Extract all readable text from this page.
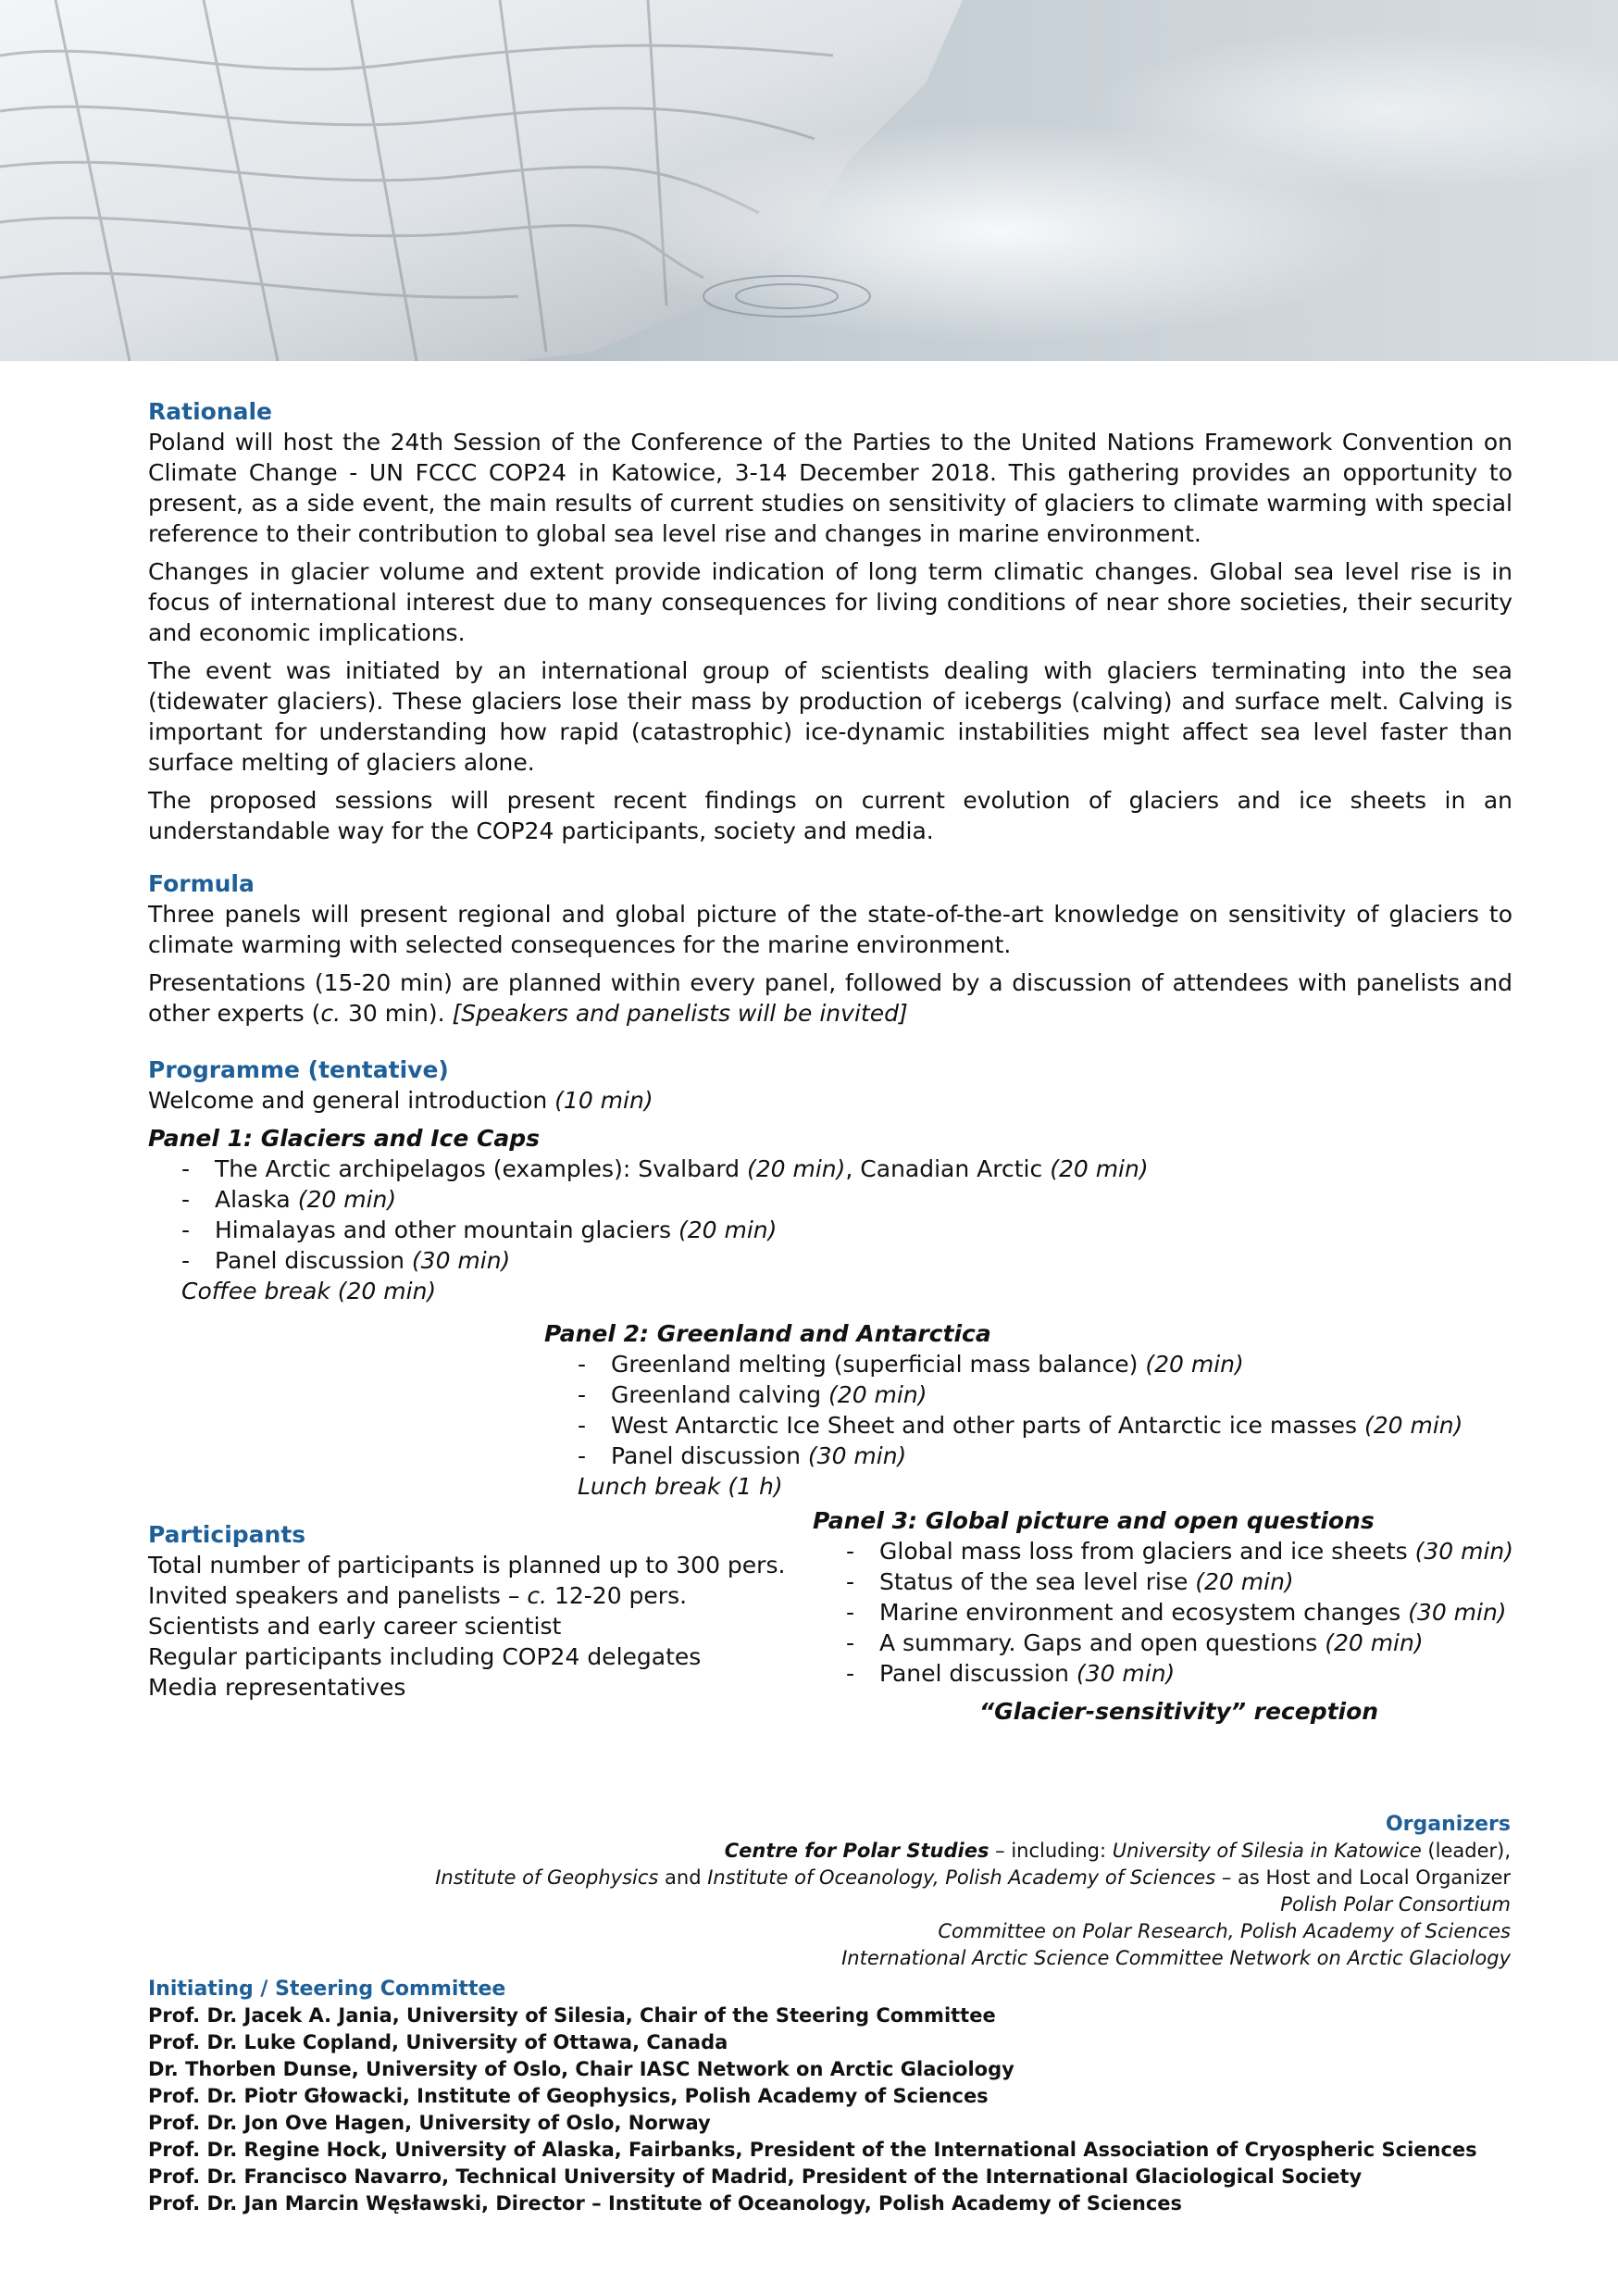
Rationale
Poland will host the 24th Session of the Conference of the Parties to the United Nations Framework Convention on Climate Change - UN FCCC COP24 in Katowice, 3-14 December 2018. This gathering provides an opportunity to present, as a side event, the main results of current studies on sensitivity of glaciers to climate warming with special reference to their contribution to global sea level rise and changes in marine environment.
Changes in glacier volume and extent provide indication of long term climatic changes. Global sea level rise is in focus of international interest due to many consequences for living conditions of near shore societies, their security and economic implications.
The event was initiated by an international group of scientists dealing with glaciers terminating into the sea (tidewater glaciers). These glaciers lose their mass by production of icebergs (calving) and surface melt. Calving is important for understanding how rapid (catastrophic) ice-dynamic instabilities might affect sea level faster than surface melting of glaciers alone.
The proposed sessions will present recent findings on current evolution of glaciers and ice sheets in an understandable way for the COP24 participants, society and media.
Formula
Three panels will present regional and global picture of the state-of-the-art knowledge on sensitivity of glaciers to climate warming with selected consequences for the marine environment.
Presentations (15-20 min) are planned within every panel, followed by a discussion of attendees with panelists and other experts (c. 30 min). [Speakers and panelists will be invited]
Programme (tentative)
Welcome and general introduction (10 min)
Panel 1: Glaciers and Ice Caps
- The Arctic archipelagos (examples): Svalbard (20 min), Canadian Arctic (20 min)
- Alaska (20 min)
- Himalayas and other mountain glaciers (20 min)
- Panel discussion (30 min)
Coffee break (20 min)
Panel 2: Greenland and Antarctica
- Greenland melting (superficial mass balance) (20 min)
- Greenland calving (20 min)
- West Antarctic Ice Sheet and other parts of Antarctic ice masses (20 min)
- Panel discussion (30 min)
Lunch break (1 h)
Participants
Total number of participants is planned up to 300 pers.
Invited speakers and panelists – c. 12-20 pers.
Scientists and early career scientist
Regular participants including COP24 delegates
Media representatives
Panel 3: Global picture and open questions
- Global mass loss from glaciers and ice sheets (30 min)
- Status of the sea level rise (20 min)
- Marine environment and ecosystem changes (30 min)
- A summary. Gaps and open questions (20 min)
- Panel discussion (30 min)
“Glacier-sensitivity” reception
Organizers
Centre for Polar Studies – including: University of Silesia in Katowice (leader),
Institute of Geophysics and Institute of Oceanology, Polish Academy of Sciences – as Host and Local Organizer
Polish Polar Consortium
Committee on Polar Research, Polish Academy of Sciences
International Arctic Science Committee Network on Arctic Glaciology
Initiating / Steering Committee
Prof. Dr. Jacek A. Jania, University of Silesia, Chair of the Steering Committee
Prof. Dr. Luke Copland, University of Ottawa, Canada
Dr. Thorben Dunse, University of Oslo, Chair IASC Network on Arctic Glaciology
Prof. Dr. Piotr Głowacki, Institute of Geophysics, Polish Academy of Sciences
Prof. Dr. Jon Ove Hagen, University of Oslo, Norway
Prof. Dr. Regine Hock, University of Alaska, Fairbanks, President of the International Association of Cryospheric Sciences
Prof. Dr. Francisco Navarro, Technical University of Madrid, President of the International Glaciological Society
Prof. Dr. Jan Marcin Węsławski, Director – Institute of Oceanology, Polish Academy of Sciences
